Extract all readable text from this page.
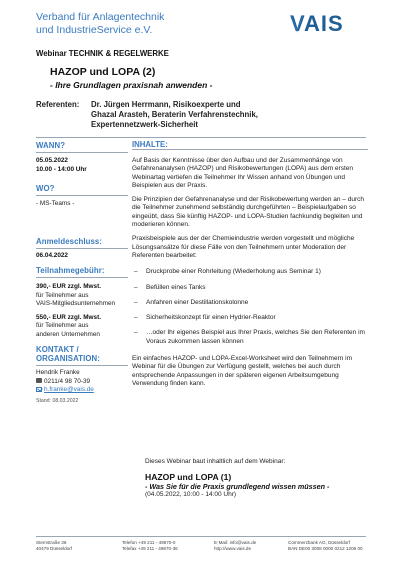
Verband für Anlagentechnik
und IndustrieService e.V.	VAIS
Webinar TECHNIK & REGELWERKE
HAZOP und LOPA (2)
- Ihre Grundlagen praxisnah anwenden -
Referenten: Dr. Jürgen Herrmann, Risikoexperte und
Ghazal Arasteh, Beraterin Verfahrenstechnik,
Expertennetzwerk-Sicherheit
WANN?
05.05.2022
10.00 - 14:00 Uhr
WO?
- MS-Teams -
Anmeldeschluss:
06.04.2022
Teilnahmegebühr:
390,- EUR zzgl. Mwst.
für Teilnehmer aus
VAIS-Mitgliedsunternehmen
550,- EUR zzgl. Mwst.
für Teilnehmer aus
anderen Unternehmen
KONTAKT /
ORGANISATION:
Hendrik Franke
0211/4 98 70-39
h.franke@vais.de
Stand: 08.03.2022
INHALTE:

Auf Basis der Kenntnisse über den Aufbau und der Zusammenhänge von Gefahrenanalysen (HAZOP) und Risikobewertungen (LOPA) aus dem ersten Webinartag vertiefen die Teilnehmer Ihr Wissen anhand von Übungen und Beispielen aus der Praxis.

Die Prinzipien der Gefahrenanalyse und der Risikobewertung werden an – durch die Teilnehmer zunehmend selbständig durchgeführten – Beispielaufgaben so eingeübt, dass Sie künftig HAZOP- und LOPA-Studien fachkundig begleiten und moderieren können.

Praxisbeispiele aus der der Chemieindustrie werden vorgestellt und mögliche Lösungsansätze für diese Fälle von den Teilnehmern unter Moderation der Referenten bearbeitet:

– Druckprobe einer Rohrleitung (Wiederholung aus Seminar 1)
– Befüllen eines Tanks
– Anfahren einer Destillationskolonne
– Sicherheitskonzept für einen Hydrier-Reaktor
– …oder Ihr eigenes Beispiel aus Ihrer Praxis, welches Sie den Referenten im Voraus zukommen lassen können

Ein einfaches HAZOP- und LOPA-Excel-Worksheet wird den Teilnehmern im Webinar für die Übungen zur Verfügung gestellt, welches bei auch durch entsprechende Anpassungen in der späteren eigenen Arbeitsumgebung Verwendung finden kann.

Dieses Webinar baut inhaltlich auf dem Webinar:
HAZOP und LOPA (1)
- Was Sie für die Praxis grundlegend wissen müssen -
(04.05.2022, 10:00 - 14:00 Uhr)
Sternstraße 36
40479 Düsseldorf
Telefon +49 211 - 49870-0
Telefax +49 211 - 49870-36
E-Mail: info@vais.de
http://www.vais.de
Commerzbank AG, Düsseldorf
BAN DE00 3008 0000 0212 1206 00
